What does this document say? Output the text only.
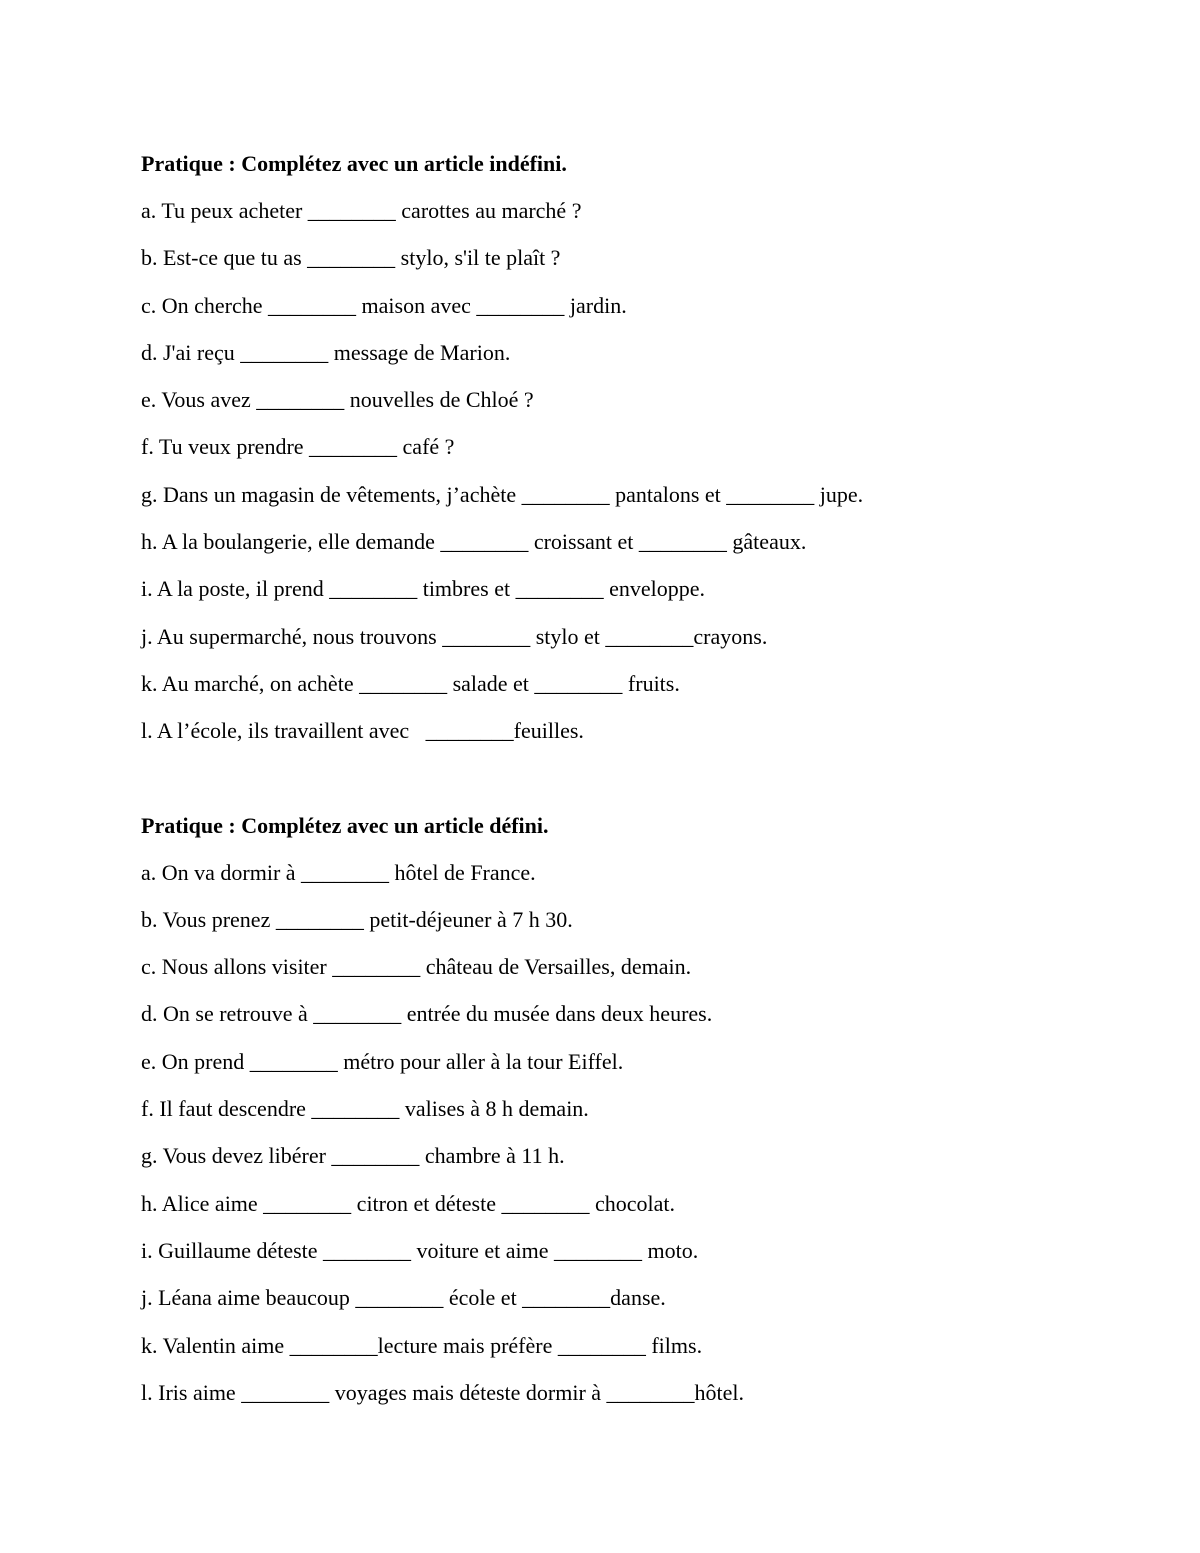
Pratique : Complétez avec un article indéfini.

a. Tu peux acheter ________ carottes au marché ?

b. Est-ce que tu as ________ stylo, s'il te plaît ?

c. On cherche ________ maison avec ________ jardin.

d. J'ai reçu ________ message de Marion.

e. Vous avez ________ nouvelles de Chloé ?

f. Tu veux prendre ________ café ?

g. Dans un magasin de vêtements, j’achète ________ pantalons et ________ jupe.

h. A la boulangerie, elle demande ________ croissant et ________ gâteaux.

i. A la poste, il prend ________ timbres et ________ enveloppe.

j. Au supermarché, nous trouvons ________ stylo et ________crayons.

k. Au marché, on achète ________ salade et ________ fruits.

l. A l’école, ils travaillent avec   ________feuilles.

Pratique : Complétez avec un article défini.

a. On va dormir à ________ hôtel de France.

b. Vous prenez ________ petit-déjeuner à 7 h 30.

c. Nous allons visiter ________ château de Versailles, demain.

d. On se retrouve à ________ entrée du musée dans deux heures.

e. On prend ________ métro pour aller à la tour Eiffel.

f. Il faut descendre ________ valises à 8 h demain.

g. Vous devez libérer ________ chambre à 11 h.

h. Alice aime ________ citron et déteste ________ chocolat.

i. Guillaume déteste ________ voiture et aime ________ moto.

j. Léana aime beaucoup ________ école et ________danse.

k. Valentin aime ________lecture mais préfère ________ films.

l. Iris aime ________ voyages mais déteste dormir à ________hôtel.
